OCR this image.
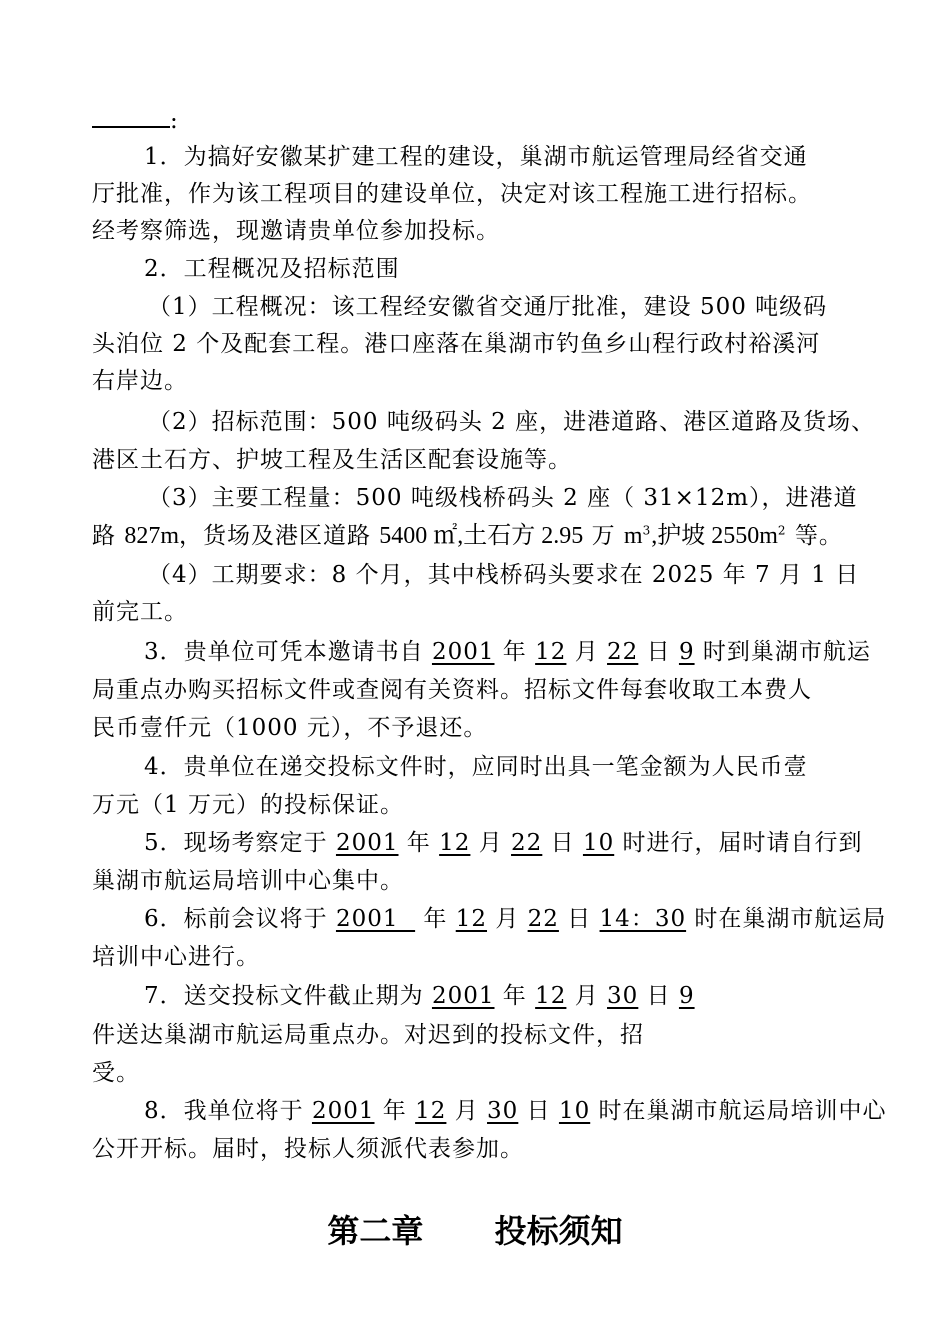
:
1．为搞好安徽某扩建工程的建设，巢湖市航运管理局经省交通
厅批准，作为该工程项目的建设单位，决定对该工程施工进行招标。
经考察筛选，现邀请贵单位参加投标。
2．工程概况及招标范围
（1）工程概况：该工程经安徽省交通厅批准，建设 500 吨级码
头泊位 2 个及配套工程。港口座落在巢湖市钓鱼乡山程行政村裕溪河
右岸边。
（2）招标范围：500 吨级码头 2 座，进港道路、港区道路及货场、
港区土石方、护坡工程及生活区配套设施等。
（3）主要工程量：500 吨级栈桥码头 2 座（ 31×12m），进港道
路 827m，货场及港区道路 5400 ㎡,土石方 2.95 万 $m^3$,护坡 $2550m^2$ 等。
（4）工期要求：8 个月，其中栈桥码头要求在 2025 年 7 月 1 日
前完工。
3．贵单位可凭本邀请书自 2001 年 12 月 22 日 9 时到巢湖市航运
局重点办购买招标文件或查阅有关资料。招标文件每套收取工本费人
民币壹仟元（1000 元），不予退还。
4．贵单位在递交投标文件时，应同时出具一笔金额为人民币壹
万元（1 万元）的投标保证。
5．现场考察定于 2001 年 12 月 22 日 10 时进行，届时请自行到
巢湖市航运局培训中心集中。
6．标前会议将于 2001   年 12 月 22 日 14：30 时在巢湖市航运局
培训中心进行。
7．送交投标文件截止期为 2001 年 12 月 30 日 9
件送达巢湖市航运局重点办。对迟到的投标文件，招
受。
8．我单位将于 2001 年 12 月 30 日 10 时在巢湖市航运局培训中心
公开开标。届时，投标人须派代表参加。
第二章 投标须知
